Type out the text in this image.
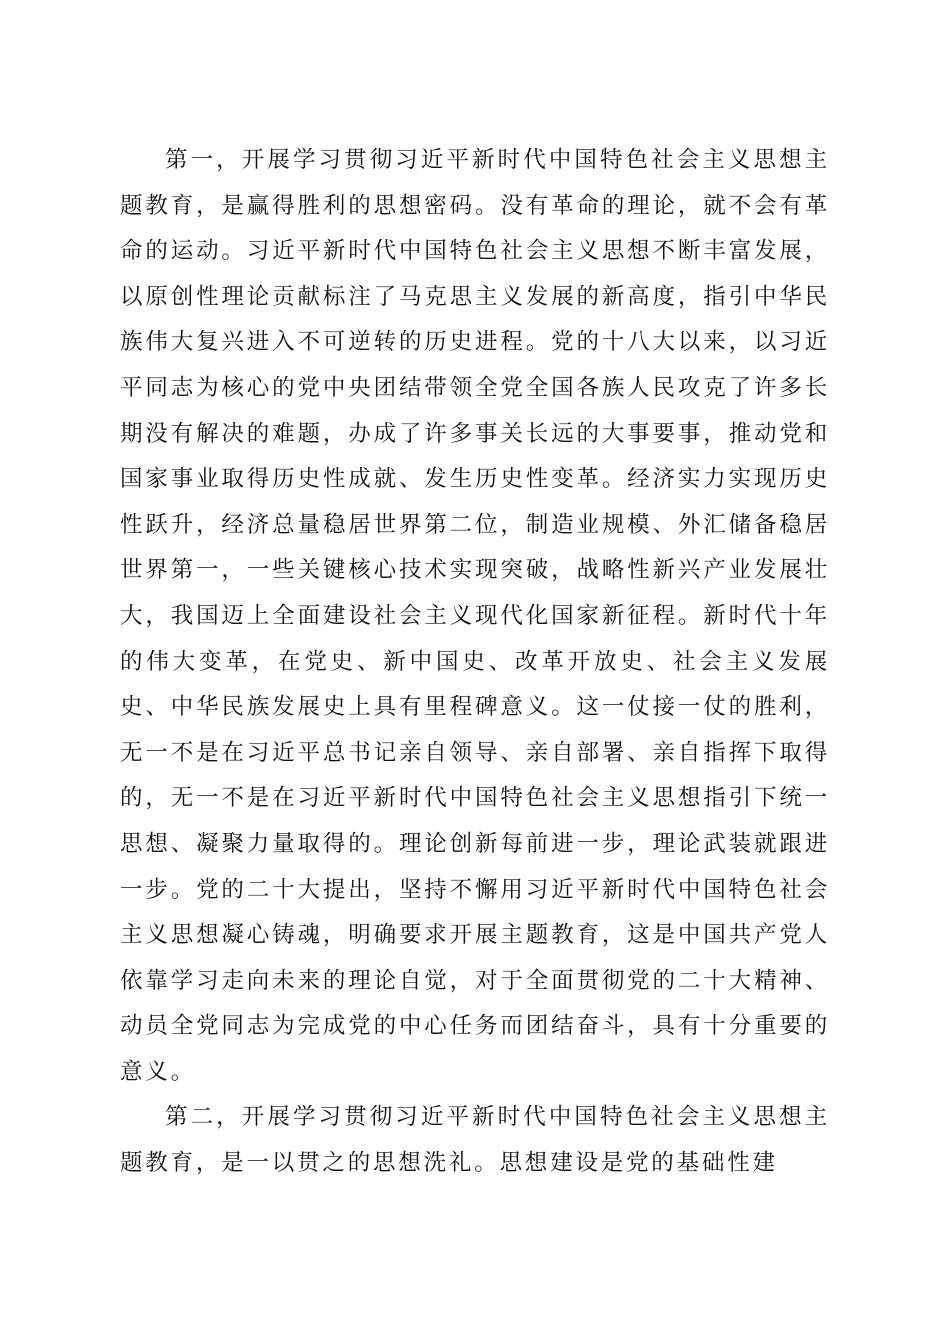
第一，开展学习贯彻习近平新时代中国特色社会主义思想主题教育，是赢得胜利的思想密码。没有革命的理论，就不会有革命的运动。习近平新时代中国特色社会主义思想不断丰富发展，以原创性理论贡献标注了马克思主义发展的新高度，指引中华民族伟大复兴进入不可逆转的历史进程。党的十八大以来，以习近平同志为核心的党中央团结带领全党全国各族人民攻克了许多长期没有解决的难题，办成了许多事关长远的大事要事，推动党和国家事业取得历史性成就、发生历史性变革。经济实力实现历史性跃升，经济总量稳居世界第二位，制造业规模、外汇储备稳居世界第一，一些关键核心技术实现突破，战略性新兴产业发展壮大，我国迈上全面建设社会主义现代化国家新征程。新时代十年的伟大变革，在党史、新中国史、改革开放史、社会主义发展史、中华民族发展史上具有里程碑意义。这一仗接一仗的胜利，无一不是在习近平总书记亲自领导、亲自部署、亲自指挥下取得的，无一不是在习近平新时代中国特色社会主义思想指引下统一思想、凝聚力量取得的。理论创新每前进一步，理论武装就跟进一步。党的二十大提出，坚持不懈用习近平新时代中国特色社会主义思想凝心铸魂，明确要求开展主题教育，这是中国共产党人依靠学习走向未来的理论自觉，对于全面贯彻党的二十大精神、动员全党同志为完成党的中心任务而团结奋斗，具有十分重要的意义。

第二，开展学习贯彻习近平新时代中国特色社会主义思想主题教育，是一以贯之的思想洗礼。思想建设是党的基础性建
